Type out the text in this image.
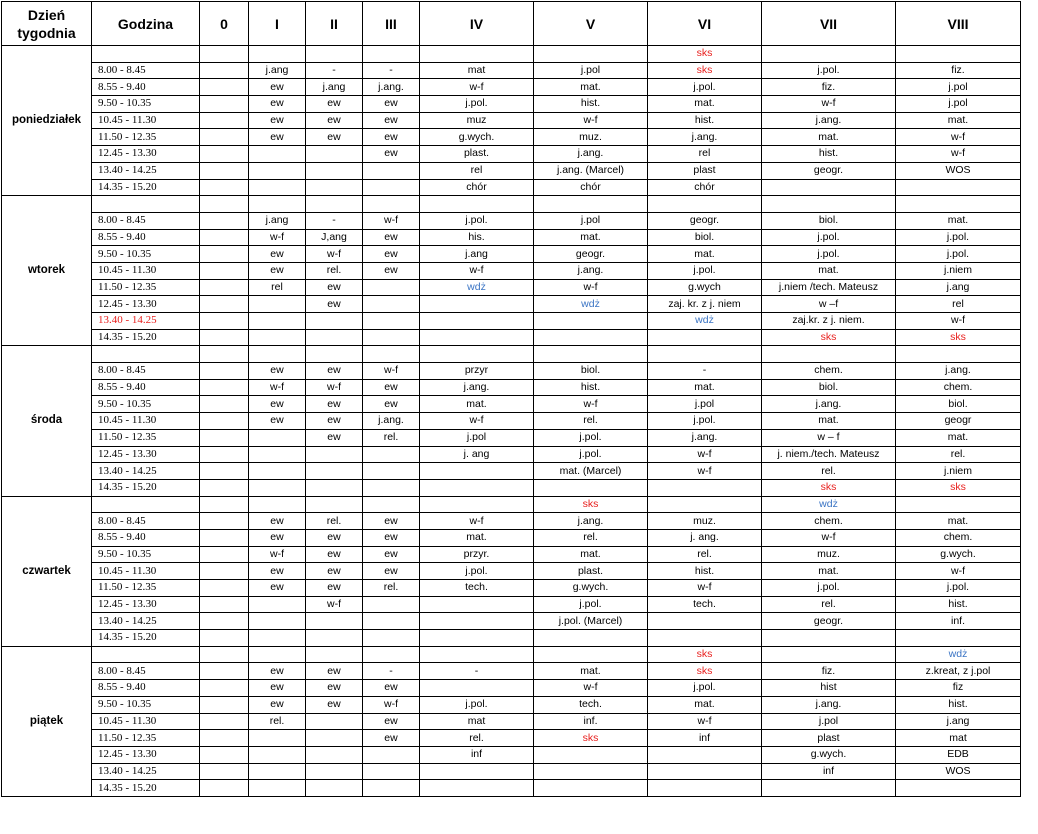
Dzień tygodnia	Godzina	0	I	II	III	IV	V	VI	VII	VIII
poniedziałek								sks		
	8.00 - 8.45		j.ang	-	-	mat	j.pol	sks	j.pol.	fiz.
	8.55 - 9.40		ew	j.ang	j.ang.	w-f	mat.	j.pol.	fiz.	j.pol
	9.50 - 10.35		ew	ew	ew	j.pol.	hist.	mat.	w-f	j.pol
	10.45 - 11.30		ew	ew	ew	muz	w-f	hist.	j.ang.	mat.
	11.50 - 12.35		ew	ew	ew	g.wych.	muz.	j.ang.	mat.	w-f
	12.45 - 13.30				ew	plast.	j.ang.	rel	hist.	w-f
	13.40 - 14.25					rel	j.ang. (Marcel)	plast	geogr.	WOS
	14.35 - 15.20					chór	chór	chór		
wtorek										
	8.00 - 8.45		j.ang	-	w-f	j.pol.	j.pol	geogr.	biol.	mat.
	8.55 - 9.40		w-f	J,ang	ew	his.	mat.	biol.	j.pol.	j.pol.
	9.50 - 10.35		ew	w-f	ew	j.ang	geogr.	mat.	j.pol.	j.pol.
	10.45 - 11.30		ew	rel.	ew	w-f	j.ang.	j.pol.	mat.	j.niem
	11.50 - 12.35		rel	ew		wdż	w-f	g.wych	j.niem /tech. Mateusz	j.ang
	12.45 - 13.30			ew			wdż	zaj. kr. z j. niem	w –f	rel
	13.40 - 14.25							wdż	zaj.kr. z j. niem.	w-f
	14.35 - 15.20								sks	sks
środa										
	8.00 - 8.45		ew	ew	w-f	przyr	biol.	-	chem.	j.ang.
	8.55 - 9.40		w-f	w-f	ew	j.ang.	hist.	mat.	biol.	chem.
	9.50 - 10.35		ew	ew	ew	mat.	w-f	j.pol	j.ang.	biol.
	10.45 - 11.30		ew	ew	j.ang.	w-f	rel.	j.pol.	mat.	geogr
	11.50 - 12.35			ew	rel.	j.pol	j.pol.	j.ang.	w – f	mat.
	12.45 - 13.30					j. ang	j.pol.	w-f	j. niem./tech. Mateusz	rel.
	13.40 - 14.25						mat. (Marcel)	w-f	rel.	j.niem
	14.35 - 15.20								sks	sks
czwartek							sks		wdż	
	8.00 - 8.45		ew	rel.	ew	w-f	j.ang.	muz.	chem.	mat.
	8.55 - 9.40		ew	ew	ew	mat.	rel.	j. ang.	w-f	chem.
	9.50 - 10.35		w-f	ew	ew	przyr.	mat.	rel.	muz.	g.wych.
	10.45 - 11.30		ew	ew	ew	j.pol.	plast.	hist.	mat.	w-f
	11.50 - 12.35		ew	ew	rel.	tech.	g.wych.	w-f	j.pol.	j.pol.
	12.45 - 13.30			w-f			j.pol.	tech.	rel.	hist.
	13.40 - 14.25						j.pol. (Marcel)		geogr.	inf.
	14.35 - 15.20									
piątek								sks		wdż
	8.00 - 8.45		ew	ew	-	-	mat.	sks	fiz.	z.kreat, z j.pol
	8.55 - 9.40		ew	ew	ew		w-f	j.pol.	hist	fiz
	9.50 - 10.35		ew	ew	w-f	j.pol.	tech.	mat.	j.ang.	hist.
	10.45 - 11.30		rel.		ew	mat	inf.	w-f	j.pol	j.ang
	11.50 - 12.35				ew	rel.	sks	inf	plast	mat
	12.45 - 13.30					inf			g.wych.	EDB
	13.40 - 14.25								inf	WOS
	14.35 - 15.20									
